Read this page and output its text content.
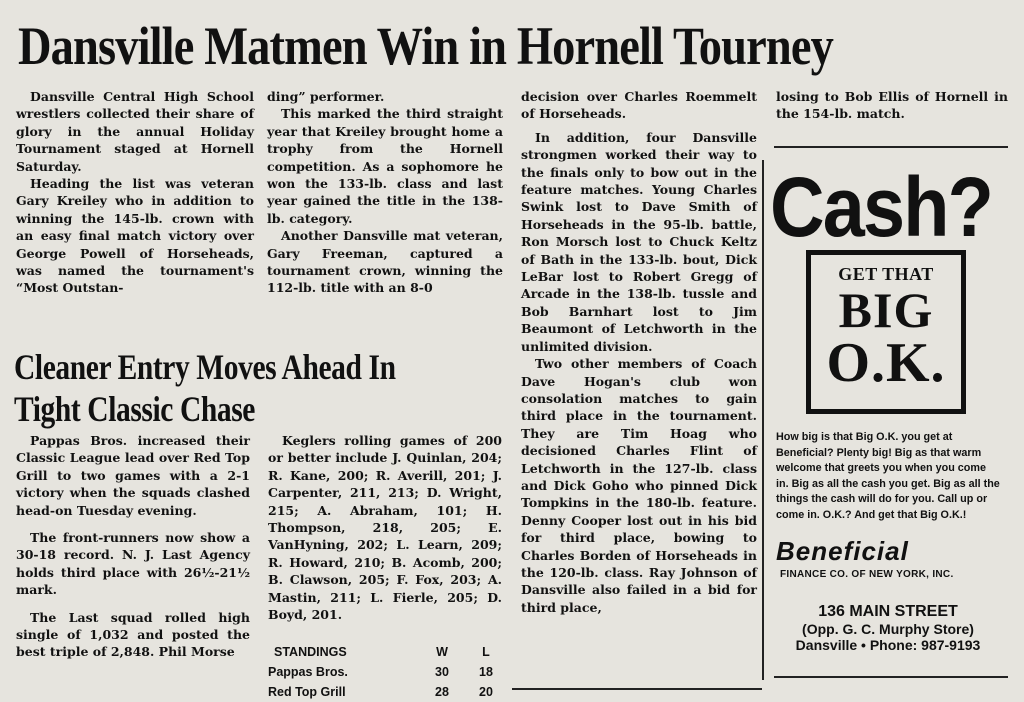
Dansville Matmen Win in Hornell Tourney

Dansville Central High School wrestlers collected their share of glory in the annual Holiday Tournament staged at Hornell Saturday.

Heading the list was veteran Gary Kreiley who in addition to winning the 145-lb. crown with an easy final match victory over George Powell of Horseheads, was named the tournament's “Most Outstan-

ding” performer.

This marked the third straight year that Kreiley brought home a trophy from the Hornell competition. As a sophomore he won the 133-lb. class and last year gained the title in the 138-lb. category.

Another Dansville mat veteran, Gary Freeman, captured a tournament crown, winning the 112-lb. title with an 8-0

decision over Charles Roemmelt of Horseheads.

In addition, four Dansville strongmen worked their way to the finals only to bow out in the feature matches. Young Charles Swink lost to Dave Smith of Horseheads in the 95-lb. battle, Ron Morsch lost to Chuck Keltz of Bath in the 133-lb. bout, Dick LeBar lost to Robert Gregg of Arcade in the 138-lb. tussle and Bob Barnhart lost to Jim Beaumont of Letchworth in the unlimited division.

Two other members of Coach Dave Hogan's club won consolation matches to gain third place in the tournament. They are Tim Hoag who decisioned Charles Flint of Letchworth in the 127-lb. class and Dick Goho who pinned Dick Tompkins in the 180-lb. feature. Denny Cooper lost out in his bid for third place, bowing to Charles Borden of Horseheads in the 120-lb. class. Ray Johnson of Dansville also failed in a bid for third place,

losing to Bob Ellis of Hornell in the 154-lb. match.

Cleaner Entry Moves Ahead In Tight Classic Chase

Pappas Bros. increased their Classic League lead over Red Top Grill to two games with a 2-1 victory when the squads clashed head-on Tuesday evening.

The front-runners now show a 30-18 record. N. J. Last Agency holds third place with 26½-21½ mark.

The Last squad rolled high single of 1,032 and posted the best triple of 2,848. Phil Morse

Keglers rolling games of 200 or better include J. Quinlan, 204; R. Kane, 200; R. Averill, 201; J. Carpenter, 211, 213; D. Wright, 215; A. Abraham, 101; H. Thompson, 218, 205; E. VanHyning, 202; L. Learn, 209; R. Howard, 210; B. Acomb, 200; B. Clawson, 205; F. Fox, 203; A. Mastin, 211; L. Fierle, 205; D. Boyd, 201.

STANDINGS	W	L
Pappas Bros.	30	18
Red Top Grill	28	20
Cash?
GET THAT
BIG
O.K.
How big is that Big O.K. you get at Beneficial? Plenty big! Big as that warm welcome that greets you when you come in. Big as all the cash you get. Big as all the things the cash will do for you. Call up or come in. O.K.? And get that Big O.K.!
Beneficial
FINANCE CO. OF NEW YORK, INC.
136 MAIN STREET
(Opp. G. C. Murphy Store)
Dansville • Phone: 987-9193
